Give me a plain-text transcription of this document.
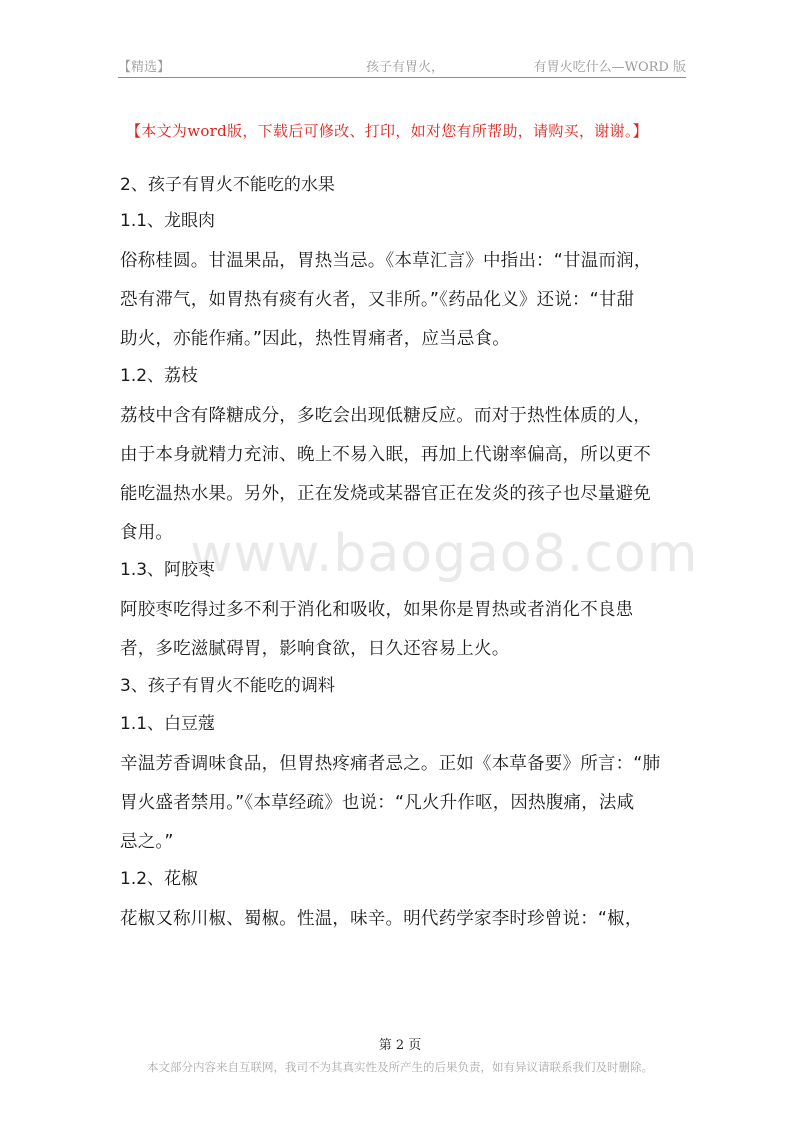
【精选】	孩子有胃火，	有胃火吃什么—WORD 版
【本文为word版，下载后可修改、打印，如对您有所帮助，请购买，谢谢。】
www.baogao8.com
2、孩子有胃火不能吃的水果
1.1、龙眼肉
俗称桂圆。甘温果品，胃热当忌。《本草汇言》中指出：“甘温而润，
恐有滞气，如胃热有痰有火者，又非所。”《药品化义》还说：“甘甜
助火，亦能作痛。”因此，热性胃痛者，应当忌食。
1.2、荔枝
荔枝中含有降糖成分，多吃会出现低糖反应。而对于热性体质的人，
由于本身就精力充沛、晚上不易入眠，再加上代谢率偏高，所以更不
能吃温热水果。另外，正在发烧或某器官正在发炎的孩子也尽量避免
食用。
1.3、阿胶枣
阿胶枣吃得过多不利于消化和吸收，如果你是胃热或者消化不良患
者，多吃滋腻碍胃，影响食欲，日久还容易上火。
3、孩子有胃火不能吃的调料
1.1、白豆蔻
辛温芳香调味食品，但胃热疼痛者忌之。正如《本草备要》所言：“肺
胃火盛者禁用。”《本草经疏》也说：“凡火升作呕，因热腹痛，法咸
忌之。”
1.2、花椒
花椒又称川椒、蜀椒。性温，味辛。明代药学家李时珍曾说：“椒，
第 2 页
本文部分内容来自互联网，我司不为其真实性及所产生的后果负责，如有异议请联系我们及时删除。
